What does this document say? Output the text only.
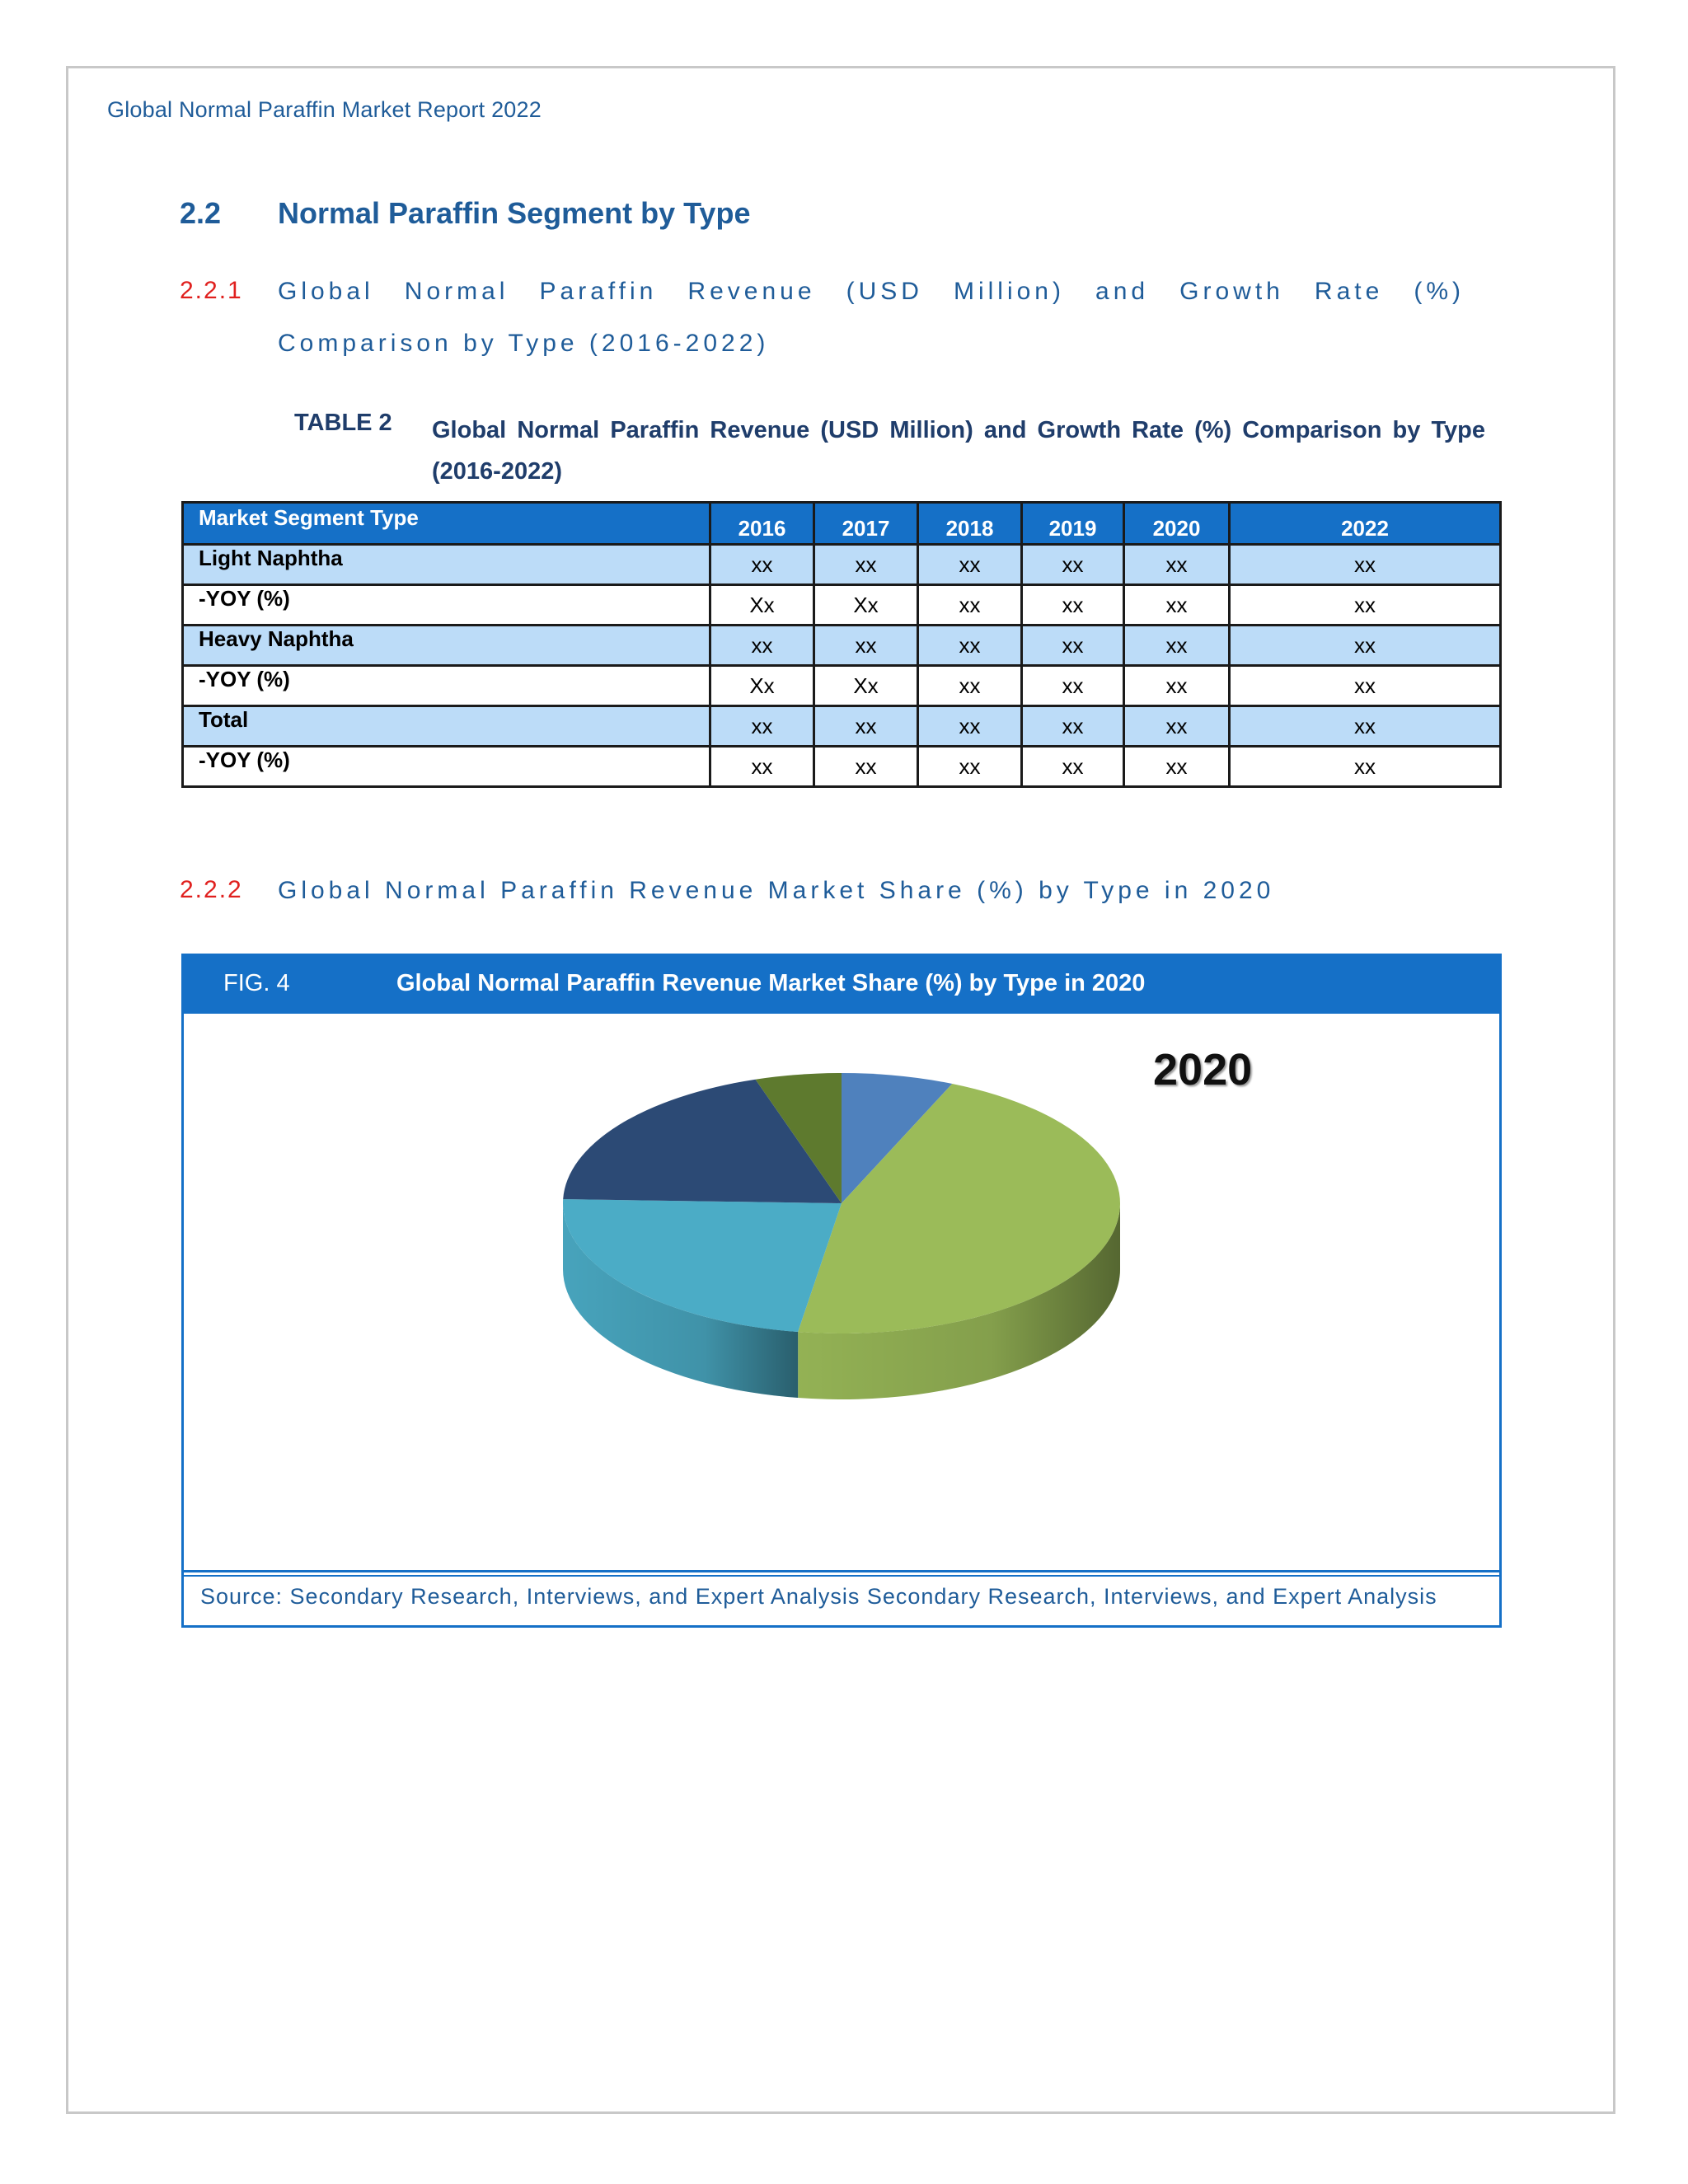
Global Normal Paraffin Market Report 2022
2.2 Normal Paraffin Segment by Type
2.2.1 Global Normal Paraffin Revenue (USD Million) and Growth Rate (%) Comparison by Type (2016-2022)
TABLE 2 Global Normal Paraffin Revenue (USD Million) and Growth Rate (%) Comparison by Type (2016-2022)
Market Segment Type	2016	2017	2018	2019	2020	2022
Light Naphtha	xx	xx	xx	xx	xx	xx
-YOY (%)	Xx	Xx	xx	xx	xx	xx
Heavy Naphtha	xx	xx	xx	xx	xx	xx
-YOY (%)	Xx	Xx	xx	xx	xx	xx
Total	xx	xx	xx	xx	xx	xx
-YOY (%)	xx	xx	xx	xx	xx	xx
2.2.2 Global Normal Paraffin Revenue Market Share (%) by Type in 2020
FIG. 4	Global Normal Paraffin Revenue Market Share (%) by Type in 2020
2020
Source: Secondary Research, Interviews, and Expert Analysis Secondary Research, Interviews, and Expert Analysis
